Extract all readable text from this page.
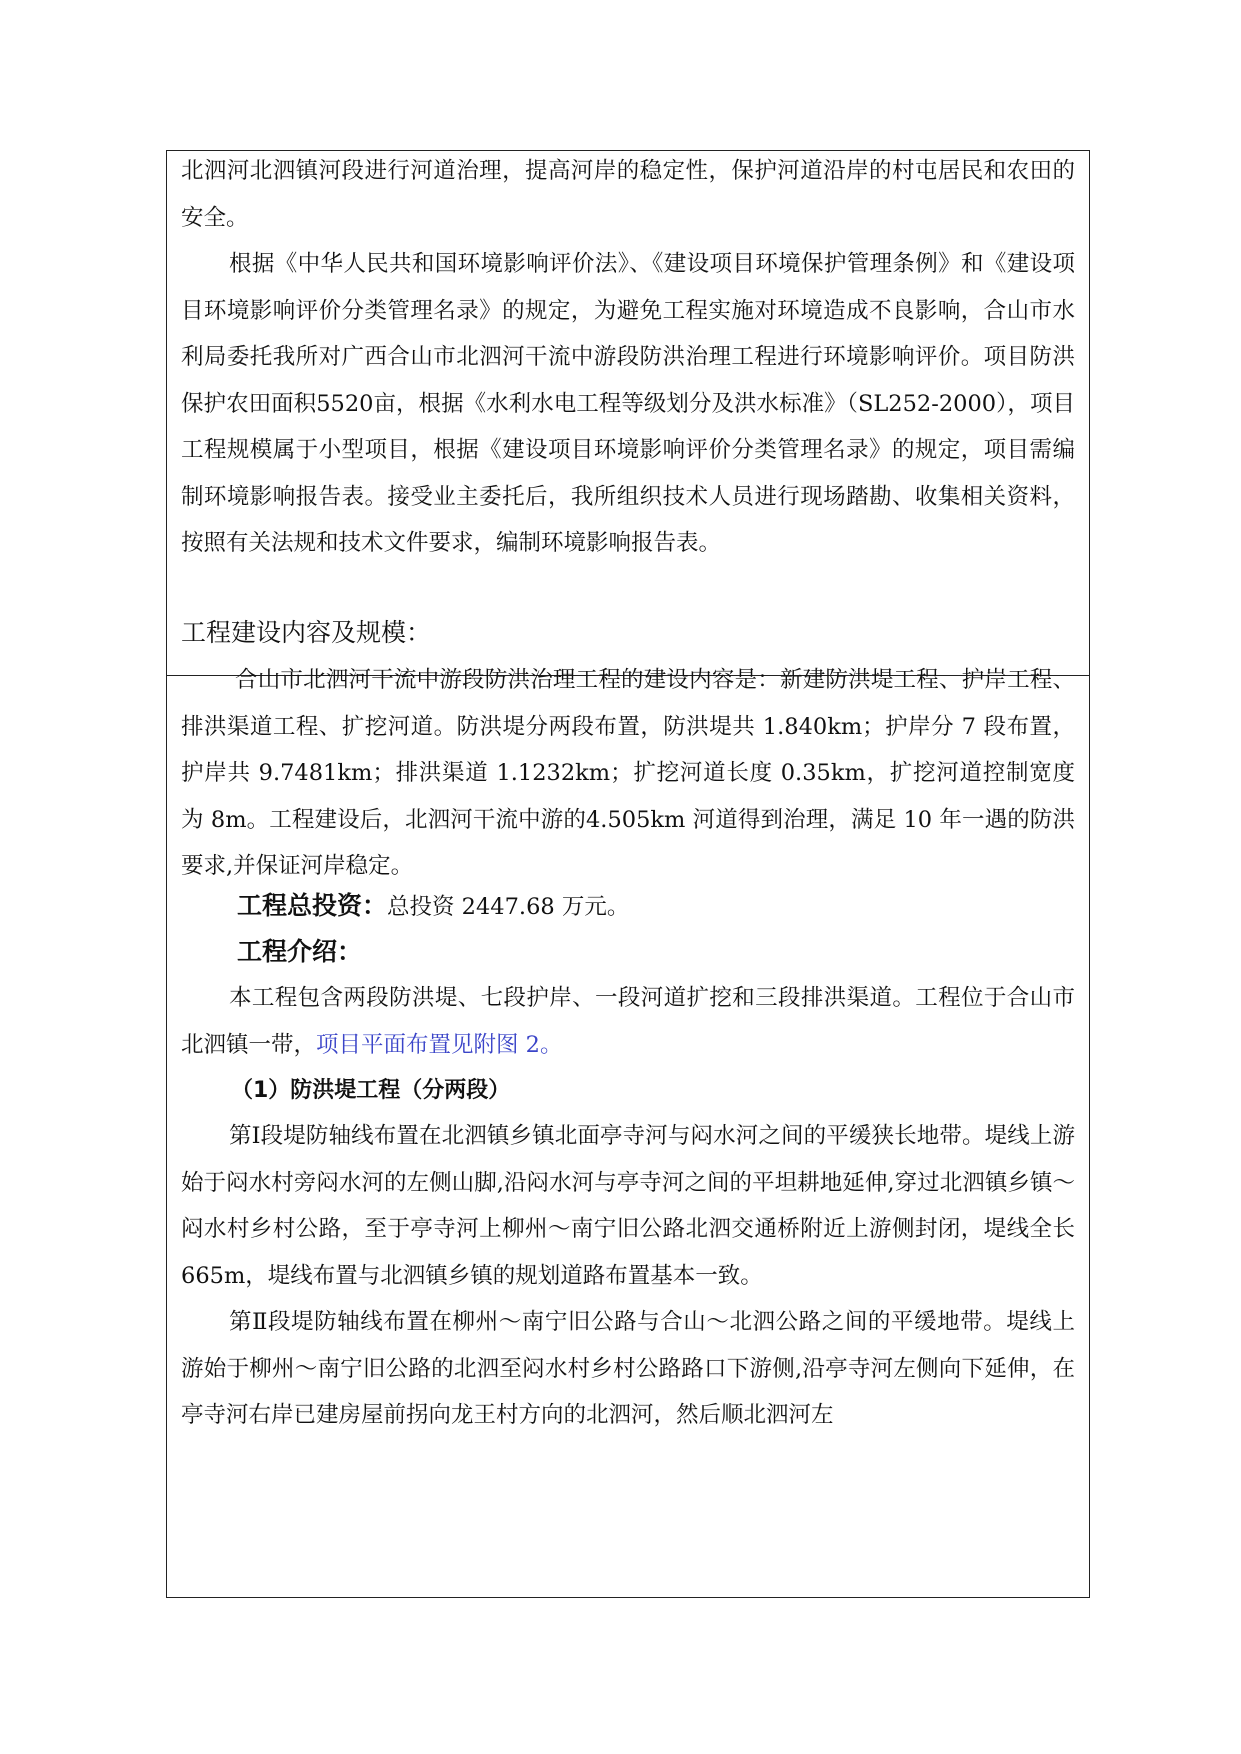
北泗河北泗镇河段进行河道治理，提高河岸的稳定性，保护河道沿岸的村屯居民和农田的安全。

根据《中华人民共和国环境影响评价法》、《建设项目环境保护管理条例》和《建设项目环境影响评价分类管理名录》的规定，为避免工程实施对环境造成不良影响，合山市水利局委托我所对广西合山市北泗河干流中游段防洪治理工程进行环境影响评价。项目防洪保护农田面积5520亩，根据《水利水电工程等级划分及洪水标准》（SL252-2000），项目工程规模属于小型项目，根据《建设项目环境影响评价分类管理名录》的规定，项目需编制环境影响报告表。接受业主委托后，我所组织技术人员进行现场踏勘、收集相关资料，按照有关法规和技术文件要求，编制环境影响报告表。

工程建设内容及规模：

合山市北泗河干流中游段防洪治理工程的建设内容是：新建防洪堤工程、护岸工程、排洪渠道工程、扩挖河道。防洪堤分两段布置，防洪堤共 1.840km；护岸分 7 段布置，护岸共 9.7481km；排洪渠道 1.1232km；扩挖河道长度 0.35km，扩挖河道控制宽度为 8m。工程建设后，北泗河干流中游的4.505km 河道得到治理，满足 10 年一遇的防洪要求,并保证河岸稳定。

工程总投资：总投资 2447.68 万元。

工程介绍：

本工程包含两段防洪堤、七段护岸、一段河道扩挖和三段排洪渠道。工程位于合山市北泗镇一带，项目平面布置见附图 2。

（1）防洪堤工程（分两段）

第Ⅰ段堤防轴线布置在北泗镇乡镇北面亭寺河与闷水河之间的平缓狭长地带。堤线上游始于闷水村旁闷水河的左侧山脚,沿闷水河与亭寺河之间的平坦耕地延伸,穿过北泗镇乡镇～闷水村乡村公路，至于亭寺河上柳州～南宁旧公路北泗交通桥附近上游侧封闭，堤线全长 665m，堤线布置与北泗镇乡镇的规划道路布置基本一致。

第Ⅱ段堤防轴线布置在柳州～南宁旧公路与合山～北泗公路之间的平缓地带。堤线上游始于柳州～南宁旧公路的北泗至闷水村乡村公路路口下游侧,沿亭寺河左侧向下延伸，在亭寺河右岸已建房屋前拐向龙王村方向的北泗河，然后顺北泗河左
